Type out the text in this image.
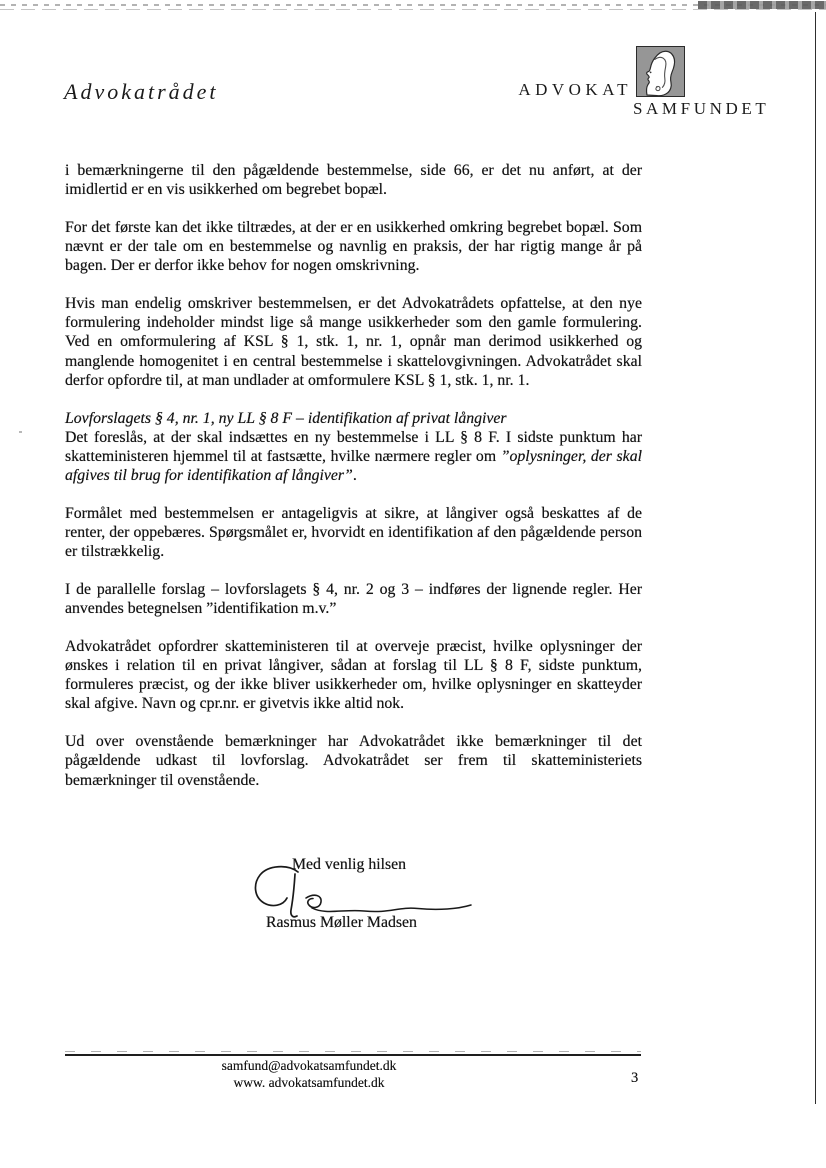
Advokatrådet	ADVOKAT
SAMFUNDET

i bemærkningerne til den pågældende bestemmelse, side 66, er det nu anført, at der imidlertid er en vis usikkerhed om begrebet bopæl.

For det første kan det ikke tiltrædes, at der er en usikkerhed omkring begrebet bopæl. Som nævnt er der tale om en bestemmelse og navnlig en praksis, der har rigtig mange år på bagen. Der er derfor ikke behov for nogen omskrivning.

Hvis man endelig omskriver bestemmelsen, er det Advokatrådets opfattelse, at den nye formulering indeholder mindst lige så mange usikkerheder som den gamle formulering. Ved en omformulering af KSL § 1, stk. 1, nr. 1, opnår man derimod usikkerhed og manglende homogenitet i en central bestemmelse i skattelovgivningen. Advokatrådet skal derfor opfordre til, at man undlader at omformulere KSL § 1, stk. 1, nr. 1.

Lovforslagets § 4, nr. 1, ny LL § 8 F – identifikation af privat långiver
Det foreslås, at der skal indsættes en ny bestemmelse i LL § 8 F. I sidste punktum har skatteministeren hjemmel til at fastsætte, hvilke nærmere regler om ”oplysninger, der skal afgives til brug for identifikation af långiver”.

Formålet med bestemmelsen er antageligvis at sikre, at långiver også beskattes af de renter, der oppebæres. Spørgsmålet er, hvorvidt en identifikation af den pågældende person er tilstrækkelig.

I de parallelle forslag – lovforslagets § 4, nr. 2 og 3 – indføres der lignende regler. Her anvendes betegnelsen ”identifikation m.v.”

Advokatrådet opfordrer skatteministeren til at overveje præcist, hvilke oplysninger der ønskes i relation til en privat långiver, sådan at forslag til LL § 8 F, sidste punktum, formuleres præcist, og der ikke bliver usikkerheder om, hvilke oplysninger en skatteyder skal afgive. Navn og cpr.nr. er givetvis ikke altid nok.

Ud over ovenstående bemærkninger har Advokatrådet ikke bemærkninger til det pågældende udkast til lovforslag. Advokatrådet ser frem til skatteministeriets bemærkninger til ovenstående.

Med venlig hilsen
Rasmus Møller Madsen
samfund@advokatsamfundet.dk
www. advokatsamfundet.dk	3
